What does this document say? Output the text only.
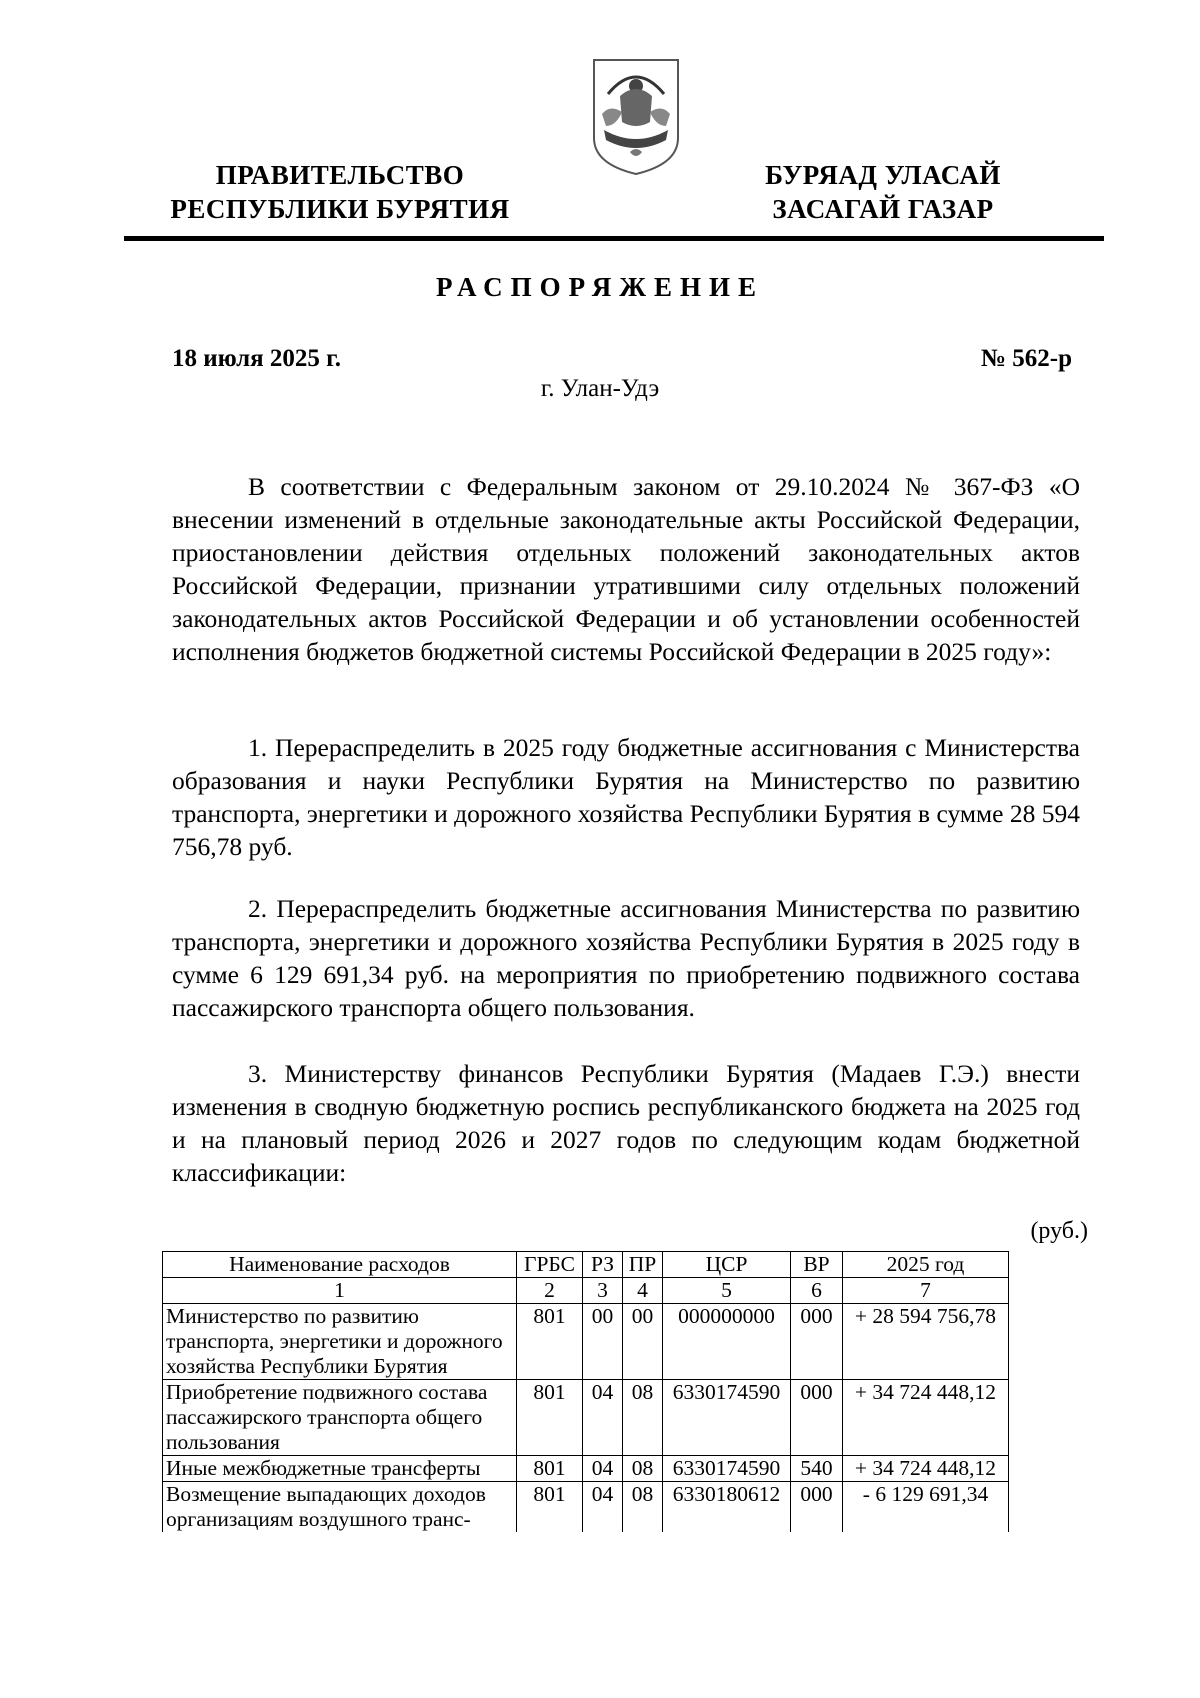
ПРАВИТЕЛЬСТВО
РЕСПУБЛИКИ БУРЯТИЯ
БУРЯАД УЛАСАЙ
ЗАСАГАЙ ГАЗАР
РАСПОРЯЖЕНИЕ
18 июля 2025 г.	№ 562-р
г. Улан-Удэ

В соответствии с Федеральным законом от 29.10.2024 № 367-ФЗ «О внесении изменений в отдельные законодательные акты Российской Федерации, приостановлении действия отдельных положений законодательных актов Российской Федерации, признании утратившими силу отдельных положений законодательных актов Российской Федерации и об установлении особенностей исполнения бюджетов бюджетной системы Российской Федерации в 2025 году»:

1. Перераспределить в 2025 году бюджетные ассигнования с Министерства образования и науки Республики Бурятия на Министерство по развитию транспорта, энергетики и дорожного хозяйства Республики Бурятия в сумме 28 594 756,78 руб.

2. Перераспределить бюджетные ассигнования Министерства по развитию транспорта, энергетики и дорожного хозяйства Республики Бурятия в 2025 году в сумме 6 129 691,34 руб. на мероприятия по приобретению подвижного состава пассажирского транспорта общего пользования.

3. Министерству финансов Республики Бурятия (Мадаев Г.Э.) внести изменения в сводную бюджетную роспись республиканского бюджета на 2025 год и на плановый период 2026 и 2027 годов по следующим кодам бюджетной классификации:

(руб.)
Наименование расходов	ГРБС	РЗ	ПР	ЦСР	ВР	2025 год
1	2	3	4	5	6	7
Министерство по развитию транспорта, энергетики и дорожного хозяйства Республики Бурятия	801	00	00	000000000	000	+ 28 594 756,78
Приобретение подвижного состава пассажирского транспорта общего пользования	801	04	08	6330174590	000	+ 34 724 448,12
Иные межбюджетные трансферты	801	04	08	6330174590	540	+ 34 724 448,12
Возмещение выпадающих доходов организациям воздушного транс-	801	04	08	6330180612	000	- 6 129 691,34
